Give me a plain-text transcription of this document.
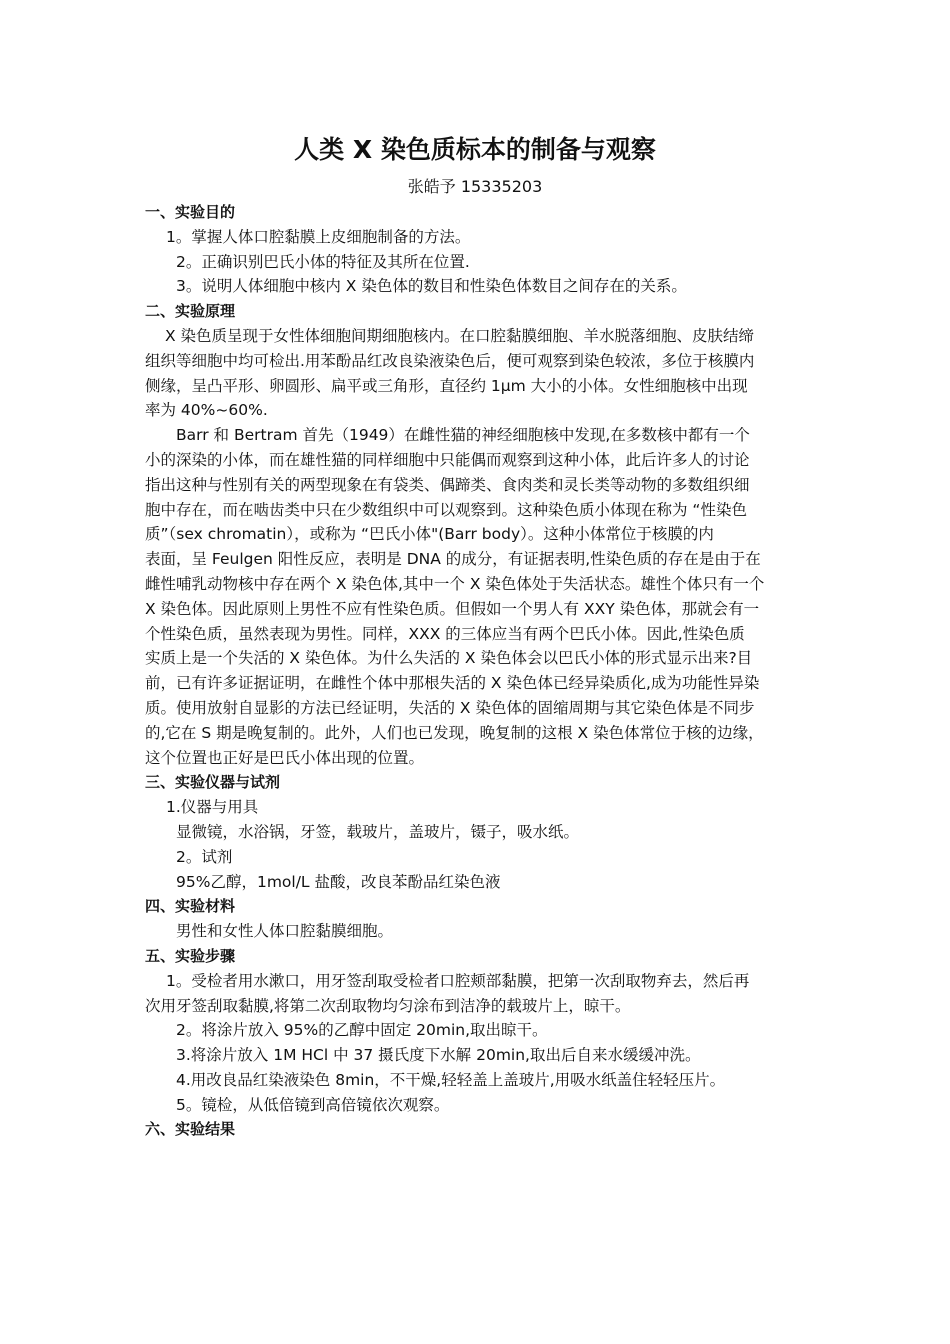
人类 X 染色质标本的制备与观察
张皓予 15335203
一、实验目的
1。掌握人体口腔黏膜上皮细胞制备的方法。
2。正确识别巴氏小体的特征及其所在位置.
3。说明人体细胞中核内 X 染色体的数目和性染色体数目之间存在的关系。
二、实验原理
X 染色质呈现于女性体细胞间期细胞核内。在口腔黏膜细胞、羊水脱落细胞、皮肤结缔
组织等细胞中均可检出.用苯酚品红改良染液染色后，便可观察到染色较浓，多位于核膜内
侧缘，呈凸平形、卵圆形、扁平或三角形，直径约 1μm 大小的小体。女性细胞核中出现
率为 40%~60%.
Barr 和 Bertram 首先（1949）在雌性猫的神经细胞核中发现,在多数核中都有一个
小的深染的小体，而在雄性猫的同样细胞中只能偶而观察到这种小体，此后许多人的讨论
指出这种与性别有关的两型现象在有袋类、偶蹄类、食肉类和灵长类等动物的多数组织细
胞中存在，而在啮齿类中只在少数组织中可以观察到。这种染色质小体现在称为 “性染色
质”（sex chromatin），或称为 “巴氏小体"(Barr body）。这种小体常位于核膜的内
表面，呈 Feulgen 阳性反应，表明是 DNA 的成分，有证据表明,性染色质的存在是由于在
雌性哺乳动物核中存在两个 X 染色体,其中一个 X 染色体处于失活状态。雄性个体只有一个
X 染色体。因此原则上男性不应有性染色质。但假如一个男人有 XXY 染色体，那就会有一
个性染色质，虽然表现为男性。同样，XXX 的三体应当有两个巴氏小体。因此,性染色质
实质上是一个失活的 X 染色体。为什么失活的 X 染色体会以巴氏小体的形式显示出来?目
前，已有许多证据证明，在雌性个体中那根失活的 X 染色体已经异染质化,成为功能性异染
质。使用放射自显影的方法已经证明，失活的 X 染色体的固缩周期与其它染色体是不同步
的,它在 S 期是晚复制的。此外，人们也已发现，晚复制的这根 X 染色体常位于核的边缘，
这个位置也正好是巴氏小体出现的位置。
三、实验仪器与试剂
1.仪器与用具
显微镜，水浴锅，牙签，载玻片，盖玻片，镊子，吸水纸。
2。试剂
95%乙醇，1mol/L 盐酸，改良苯酚品红染色液
四、实验材料
男性和女性人体口腔黏膜细胞。
五、实验步骤
1。受检者用水漱口，用牙签刮取受检者口腔颊部黏膜，把第一次刮取物弃去，然后再
次用牙签刮取黏膜,将第二次刮取物均匀涂布到洁净的载玻片上，晾干。
2。将涂片放入 95%的乙醇中固定 20min,取出晾干。
3.将涂片放入 1M HCl 中 37 摄氏度下水解 20min,取出后自来水缓缓冲洗。
4.用改良品红染液染色 8min，不干燥,轻轻盖上盖玻片,用吸水纸盖住轻轻压片。
5。镜检，从低倍镜到高倍镜依次观察。
六、实验结果
